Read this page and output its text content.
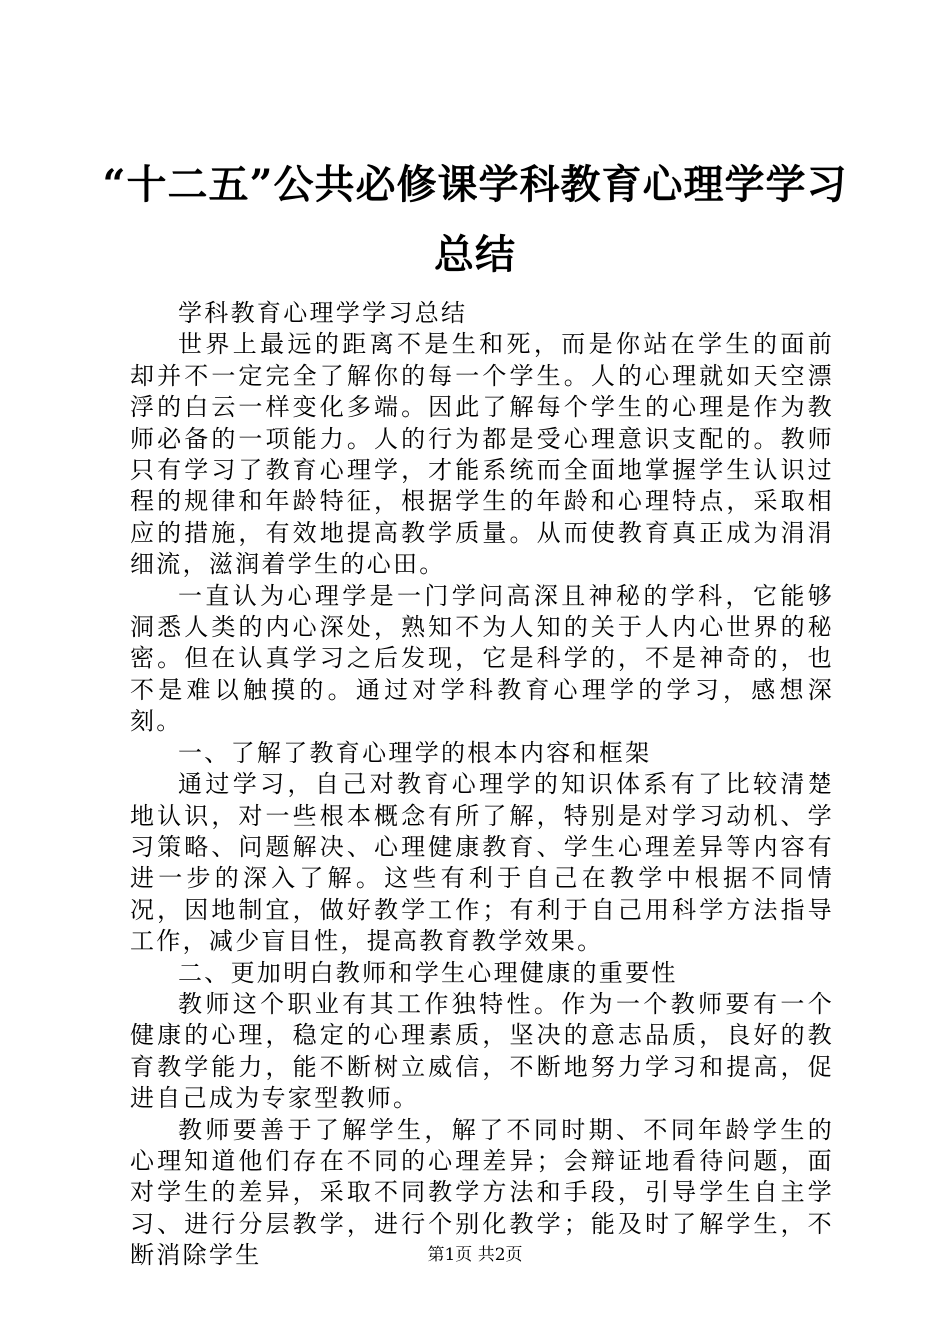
“十二五”公共必修课学科教育心理学学习总结

学科教育心理学学习总结

世界上最远的距离不是生和死，而是你站在学生的面前却并不一定完全了解你的每一个学生。人的心理就如天空漂浮的白云一样变化多端。因此了解每个学生的心理是作为教师必备的一项能力。人的行为都是受心理意识支配的。教师只有学习了教育心理学，才能系统而全面地掌握学生认识过程的规律和年龄特征，根据学生的年龄和心理特点，采取相应的措施，有效地提高教学质量。从而使教育真正成为涓涓细流，滋润着学生的心田。

一直认为心理学是一门学问高深且神秘的学科，它能够洞悉人类的内心深处，熟知不为人知的关于人内心世界的秘密。但在认真学习之后发现，它是科学的，不是神奇的，也不是难以触摸的。通过对学科教育心理学的学习，感想深刻。

一、了解了教育心理学的根本内容和框架

通过学习，自己对教育心理学的知识体系有了比较清楚地认识，对一些根本概念有所了解，特别是对学习动机、学习策略、问题解决、心理健康教育、学生心理差异等内容有进一步的深入了解。这些有利于自己在教学中根据不同情况，因地制宜，做好教学工作；有利于自己用科学方法指导工作，减少盲目性，提高教育教学效果。

二、更加明白教师和学生心理健康的重要性

教师这个职业有其工作独特性。作为一个教师要有一个健康的心理，稳定的心理素质，坚决的意志品质，良好的教育教学能力，能不断树立威信，不断地努力学习和提高，促进自己成为专家型教师。

教师要善于了解学生，解了不同时期、不同年龄学生的心理知道他们存在不同的心理差异；会辩证地看待问题，面对学生的差异，采取不同教学方法和手段，引导学生自主学习、进行分层教学，进行个别化教学；能及时了解学生，不断消除学生	第1页 共2页
